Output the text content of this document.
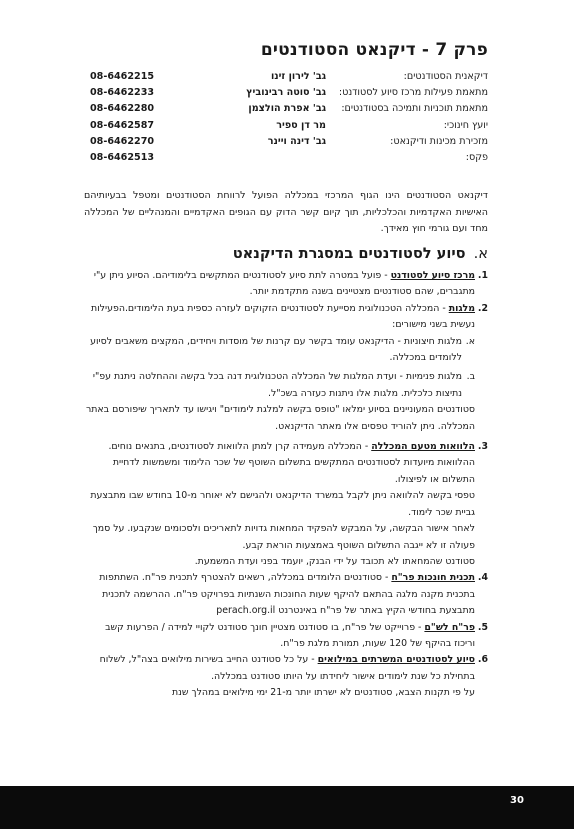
פרק 7 - דיקנאט הסטודנטים
דיקאנית הסטודנטים:
גב' לירון זינו
08-6462215
מתאמת פעילות מרכז סיוע לסטודנט:
גב' סוטה רבינוביץ
08-6462233
מתאמת תוכניות ותמיכה בסטודנטים:
גב' אפרת הולצמן
08-6462280
יועץ חינוכי:
מר דן ספיר
08-6462587
מזכירת מכינות ודיקנאט:
גב' דינה ויינר
08-6462270
פקס:
08-6462513

דיקנאט הסטודנטים הינו הגוף המרכזי במכללה הפועל לרווחת הסטודנטים ומטפל בבעיותיהם האישיות האקדמיות והכלכליות, תוך קיום קשר הדוק עם הגופים האקדמיים והמנהליים של המכללה מחד ועם גורמי חוץ מאידך.

א.סיוע לסטודנטים במסגרת הדיקנאט
1.

מרכז סיוע לסטודנט - פועל במטרה לתת סיוע לסטודנטים המתקשים בלימודיהם. הסיוע ניתן ע"י מתגברים, שהם סטודנטים מצטיינים בשנה מתקדמת יותר.

2.

מלגות - המכללה הטכנולוגית מסייעת לסטודנטים הזקוקים לעזרה כספית בעת הלימודים.הפעילות נעשית בשני מישורים:

א.

מלגות חיצוניות - הדיקנאט עומד בקשר עם קרנות של מוסדות ויחידים, המקצים משאבים לסיוע ללומדים במכללה.

ב.

מלגות פנימיות - ועדת המלגות של המכללה הטכנולוגית דנה בכל בקשה וההחלטה ניתנת עפ"י נתיצות כלכלית. מלגות אלו ניתנות כעזרה בשכ"ל.

סטודנטים המעוניינים בסיוע ימלאו "טופס בקשה למלגת לימודים" ויגישו עד לתאריך שיפורסם באתר המכללה. ניתן להוריד טפסים אלו מאתר הדיקנאט.

3.

הלוואות מטעם המכללה - המכללה מעמידה קרן למתן הלוואות לסטודנטים, בתנאים נוחים. ההלוואות מיועדות לסטודנטים המתקשים בתשלום השוטף של שכר הלימוד ומשמשות לדחיית התשלום או לפיצולו.

טפסי בקשה להלוואה ניתן לקבל במשרד הדיקנאט ולהגישם לא יאוחר מ-10 בחודש שבו מתבצעת גביית שכר לימוד.

לאחר אישור הבקשה, על המבקש להפקיד המחאות גדויות לתאריכים ולסכומים שנקבעו. על סמך פעולה זו לא ייגבה התשלום השוטף באמצעות הוראת קבע.

סטודנט שהמחאתו לא תכובד על ידי הבנק, יועמד בפני ועדת המשמעת.

4.

תכנית חונכות פר"ח - סטודנטים הלומדים במכללה, רשאים להצטרף לתכנית פר"ח. השתתפות בתכנית מקנה מלגה בהתאם להיקף שעות החונכות השנתיות בפרויקט פר"ח. ההרשמה לתכנית מתבצעת בחודשי הקיץ באתר של פר"ח באינטרנט perach.org.il

5.

פר"ח לש"ם - פרוייקט של פר"ח, בו סטודנט מצטיין חונך סטודנט לקויי למידה / הפרעות קשב וריכוז בהיקף של 120 שעות, תמורת מלגת פר"ח.

6.

סיוע לסטודנטים המשרתים במילואים - על כל סטודנט החייב בשירות מילואים בצה"ל, לשלוח בתחילת כל שנת לימודים אישור ליחידתו על היותו סטודנט במכללה.

על פי תקנות הצבא, סטודנטים לא ישרתו יותר מ-21 ימי מילואים במהלך שנת

30
